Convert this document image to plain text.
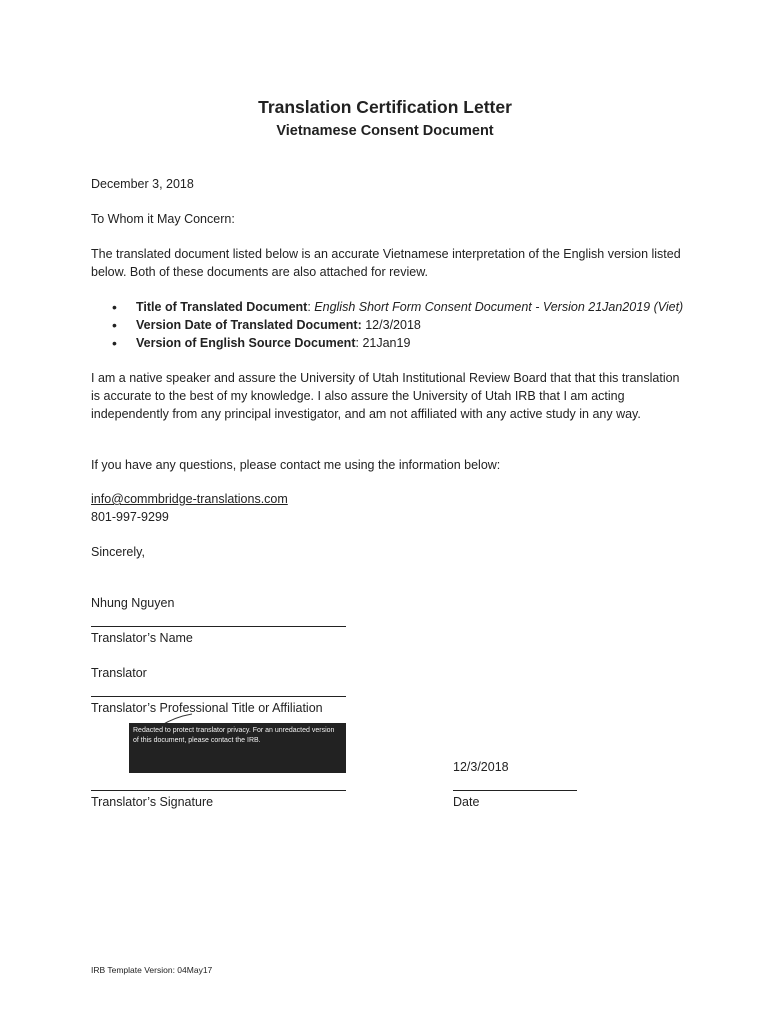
Translation Certification Letter
Vietnamese Consent Document

December 3, 2018

To Whom it May Concern:

The translated document listed below is an accurate Vietnamese interpretation of the English version listed below. Both of these documents are also attached for review.

• Title of Translated Document: English Short Form Consent Document - Version 21Jan2019 (Viet)
• Version Date of Translated Document: 12/3/2018
• Version of English Source Document: 21Jan19

I am a native speaker and assure the University of Utah Institutional Review Board that that this translation is accurate to the best of my knowledge. I also assure the University of Utah IRB that I am acting independently from any principal investigator, and am not affiliated with any active study in any way.

If you have any questions, please contact me using the information below:

info@commbridge-translations.com
801-997-9299

Sincerely,

Nhung Nguyen
Translator’s Name
Translator
Translator’s Professional Title or Affiliation
Redacted to protect translator privacy. For an unredacted version of this document, please contact the IRB.
Translator’s Signature
12/3/2018
Date
IRB Template Version: 04May17
